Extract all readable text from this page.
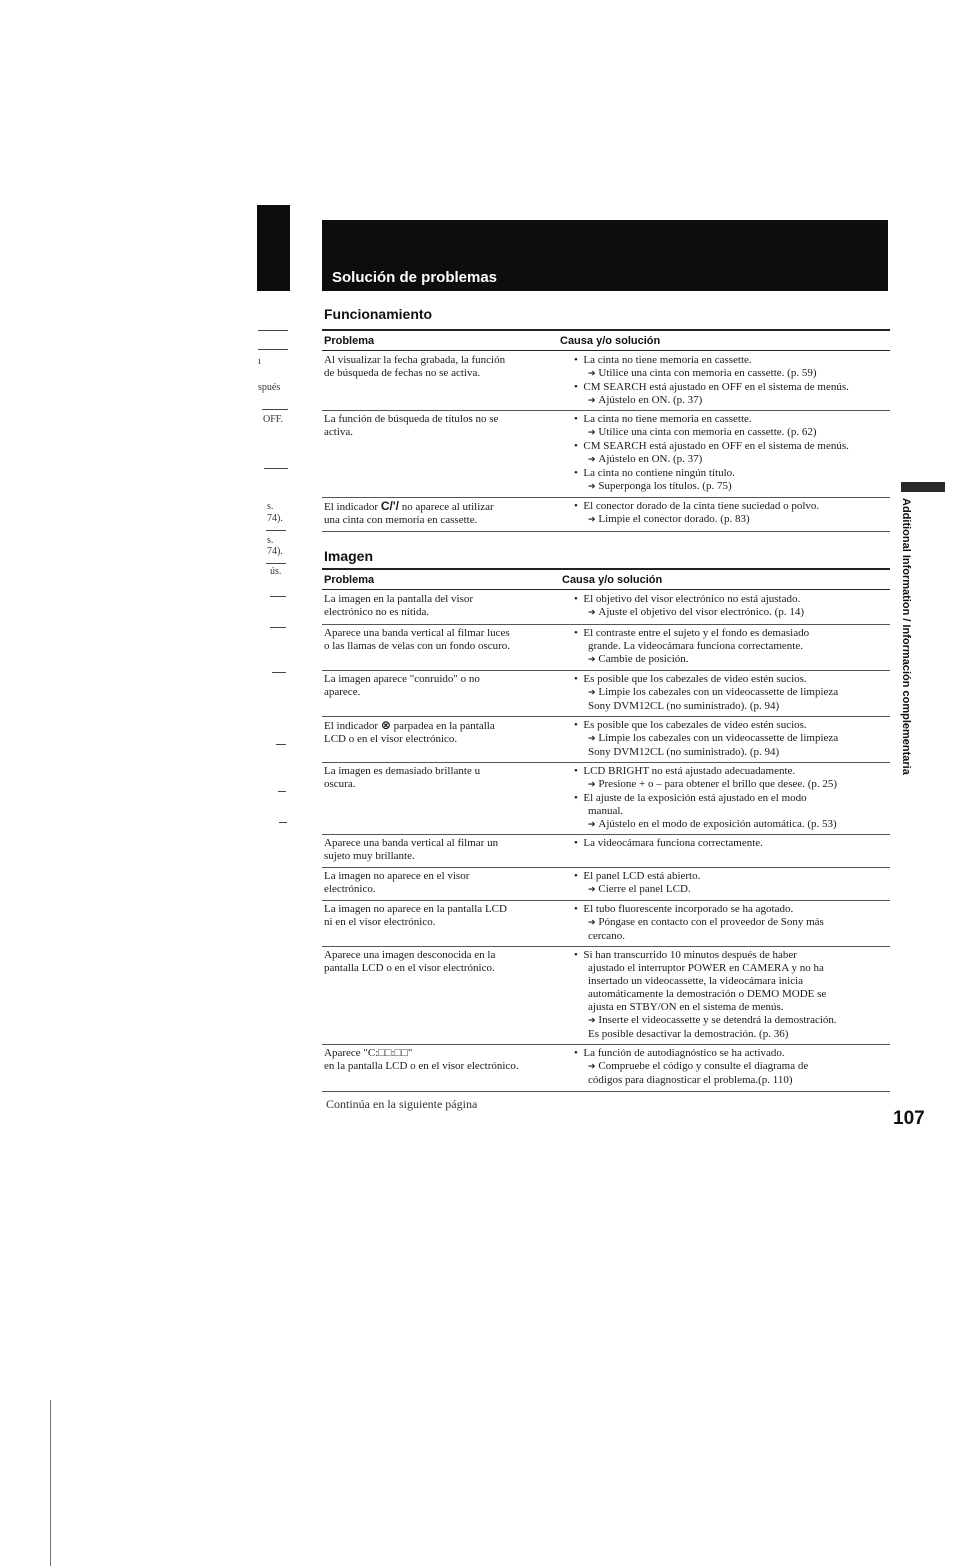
Solución de problemas
ı
spués
OFF.
s.
74).
s.
74).
ús.
Funcionamiento
Problema	Causa y/o solución
Al visualizar la fecha grabada, la función
de búsqueda de fechas no se activa.
•  La cinta no tiene memoria en cassette.
➔ Utilice una cinta con memoria en cassette. (p. 59)
•  CM SEARCH está ajustado en OFF en el sistema de menús.
➔ Ajústelo en ON. (p. 37)
La función de búsqueda de títulos no se
activa.
•  La cinta no tiene memoria en cassette.
➔ Utilice una cinta con memoria en cassette. (p. 62)
•  CM SEARCH está ajustado en OFF en el sistema de menús.
➔ Ajústelo en ON. (p. 37)
•  La cinta no contiene ningún título.
➔ Superponga los títulos. (p. 75)
El indicador C/'/ no aparece al utilizar
una cinta con memoria en cassette.
•  El conector dorado de la cinta tiene suciedad o polvo.
➔ Limpie el conector dorado. (p. 83)
Imagen
Problema	Causa y/o solución
La imagen en la pantalla del visor
electrónico no es nítida.
•  El objetivo del visor electrónico no está ajustado.
➔ Ajuste el objetivo del visor electrónico. (p. 14)
Aparece una banda vertical al filmar luces
o las llamas de velas con un fondo oscuro.
•  El contraste entre el sujeto y el fondo es demasiado
grande. La videocámara funciona correctamente.
➔ Cambie de posición.
La imagen aparece "conruido" o no
aparece.
•  Es posible que los cabezales de video estén sucios.
➔ Limpie los cabezales con un videocassette de limpieza
Sony DVM12CL (no suministrado). (p. 94)
El indicador ⊗ parpadea en la pantalla
LCD o en el visor electrónico.
•  Es posible que los cabezales de video estén sucios.
➔ Limpie los cabezales con un videocassette de limpieza
Sony DVM12CL (no suministrado). (p. 94)
La imagen es demasiado brillante u
oscura.
•  LCD BRIGHT no está ajustado adecuadamente.
➔ Presione + o – para obtener el brillo que desee. (p. 25)
•  El ajuste de la exposición está ajustado en el modo
manual.
➔ Ajústelo en el modo de exposición automática. (p. 53)
Aparece una banda vertical al filmar un
sujeto muy brillante.
•  La videocámara funciona correctamente.
La imagen no aparece en el visor
electrónico.
•  El panel LCD está abierto.
➔ Cierre el panel LCD.
La imagen no aparece en la pantalla LCD
ni en el visor electrónico.
•  El tubo fluorescente incorporado se ha agotado.
➔ Póngase en contacto con el proveedor de Sony más
cercano.
Aparece una imagen desconocida en la
pantalla LCD o en el visor electrónico.
•  Si han transcurrido 10 minutos después de haber
ajustado el interruptor POWER en CAMERA y no ha
insertado un videocassette, la videocámara inicia
automáticamente la demostración o DEMO MODE se
ajusta en STBY/ON en el sistema de menús.
➔ Inserte el videocassette y se detendrá la demostración.
Es posible desactivar la demostración. (p. 36)
Aparece "C:□□:□□"
en la pantalla LCD o en el visor electrónico.
•  La función de autodiagnóstico se ha activado.
➔ Compruebe el código y consulte el diagrama de
códigos para diagnosticar el problema.(p. 110)
Continúa en la siguiente página
107
Additional Information / Información complementaria
